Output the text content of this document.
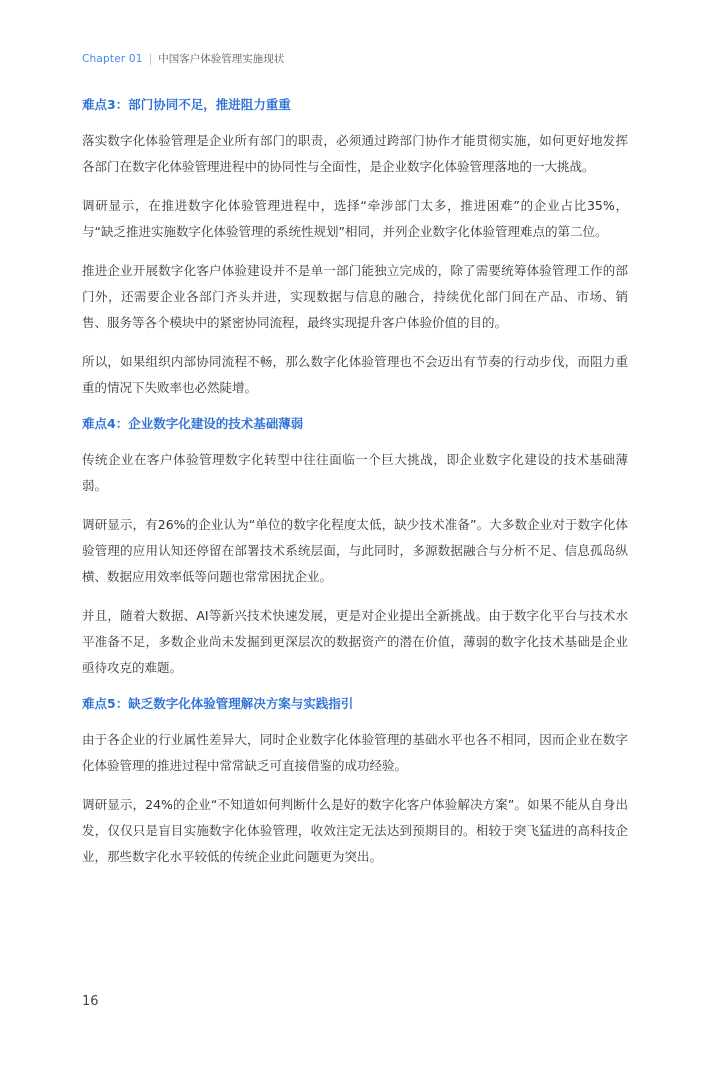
Chapter 01 | 中国客户体验管理实施现状
难点3：部门协同不足，推进阻力重重

落实数字化体验管理是企业所有部门的职责，必须通过跨部门协作才能贯彻实施，如何更好地发挥各部门在数字化体验管理进程中的协同性与全面性，是企业数字化体验管理落地的一大挑战。

调研显示，在推进数字化体验管理进程中，选择“牵涉部门太多，推进困难”的企业占比35%，与“缺乏推进实施数字化体验管理的系统性规划”相同，并列企业数字化体验管理难点的第二位。

推进企业开展数字化客户体验建设并不是单一部门能独立完成的，除了需要统筹体验管理工作的部门外，还需要企业各部门齐头并进，实现数据与信息的融合，持续优化部门间在产品、市场、销售、服务等各个模块中的紧密协同流程，最终实现提升客户体验价值的目的。

所以，如果组织内部协同流程不畅，那么数字化体验管理也不会迈出有节奏的行动步伐，而阻力重重的情况下失败率也必然陡增。

难点4：企业数字化建设的技术基础薄弱

传统企业在客户体验管理数字化转型中往往面临一个巨大挑战，即企业数字化建设的技术基础薄弱。

调研显示，有26%的企业认为“单位的数字化程度太低，缺少技术准备”。大多数企业对于数字化体验管理的应用认知还停留在部署技术系统层面，与此同时，多源数据融合与分析不足、信息孤岛纵横、数据应用效率低等问题也常常困扰企业。

并且，随着大数据、AI等新兴技术快速发展，更是对企业提出全新挑战。由于数字化平台与技术水平准备不足，多数企业尚未发掘到更深层次的数据资产的潜在价值，薄弱的数字化技术基础是企业亟待攻克的难题。

难点5：缺乏数字化体验管理解决方案与实践指引

由于各企业的行业属性差异大，同时企业数字化体验管理的基础水平也各不相同，因而企业在数字化体验管理的推进过程中常常缺乏可直接借鉴的成功经验。

调研显示，24%的企业“不知道如何判断什么是好的数字化客户体验解决方案”。如果不能从自身出发，仅仅只是盲目实施数字化体验管理，收效注定无法达到预期目的。相较于突飞猛进的高科技企业，那些数字化水平较低的传统企业此问题更为突出。

16
